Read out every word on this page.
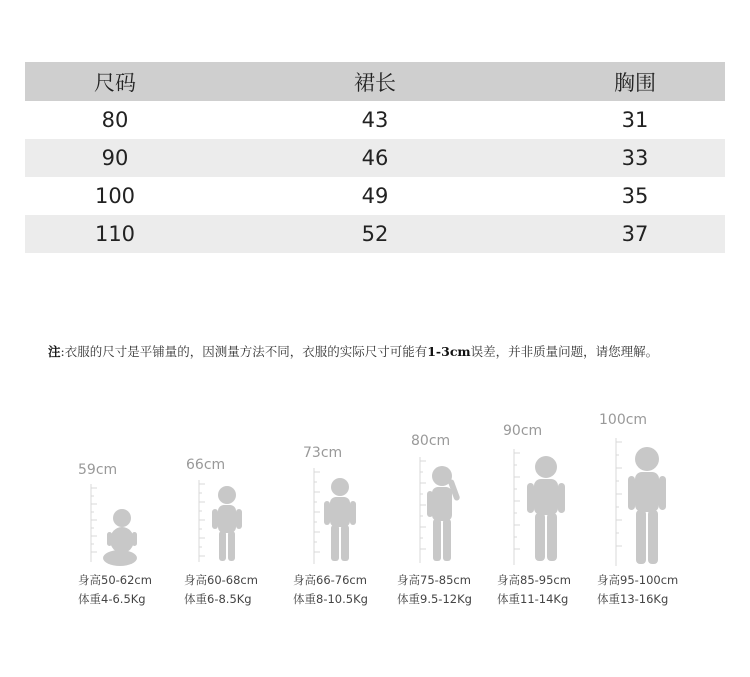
尺码	裙长	胸围
80	43	31
90	46	33
100	49	35
110	52	37
注:衣服的尺寸是平铺量的，因测量方法不同，衣服的实际尺寸可能有1-3cm误差，并非质量问题，请您理解。
59cm
身高50-62cm
体重4-6.5Kg
66cm
身高60-68cm
体重6-8.5Kg
73cm
身高66-76cm
体重8-10.5Kg
80cm
身高75-85cm
体重9.5-12Kg
90cm
身高85-95cm
体重11-14Kg
100cm
身高95-100cm
体重13-16Kg
